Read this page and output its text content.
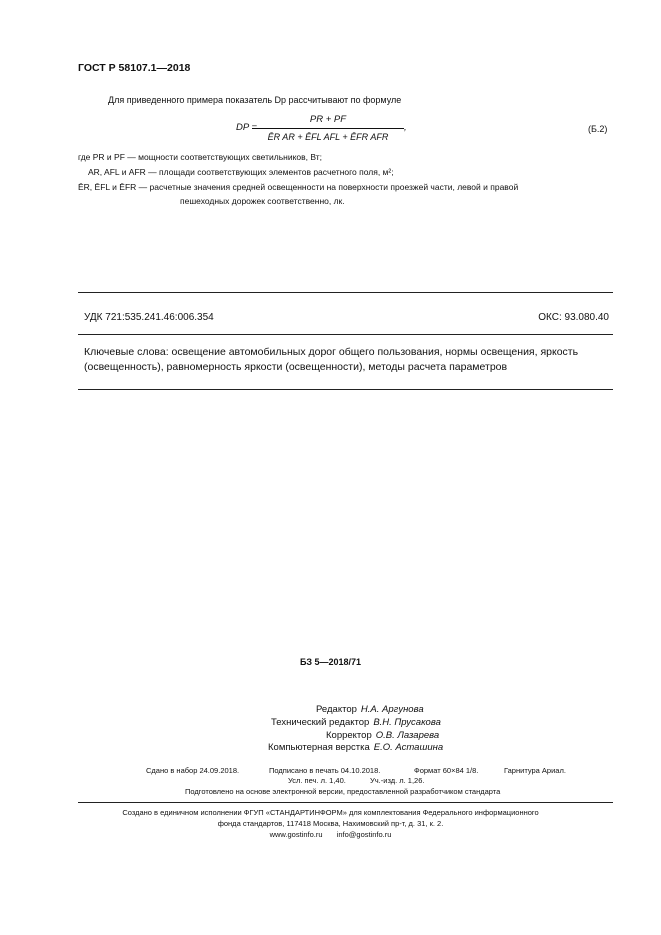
ГОСТ Р 58107.1—2018
Для приведенного примера показатель Dp рассчитывают по формуле
DP =
PR + PF
ĒR AR + ĒFL AFL + ĒFR AFR
,	(Б.2)
где PR и PF — мощности соответствующих светильников, Вт;
AR, AFL и AFR — площади соответствующих элементов расчетного поля, м²;
ĒR, ĒFL и ĒFR — расчетные значения средней освещенности на поверхности проезжей части, левой и правой
пешеходных дорожек соответственно, лк.
УДК 721:535.241.46:006.354	ОКС: 93.080.40
Ключевые слова: освещение автомобильных дорог общего пользования, нормы освещения, яркость (освещенность), равномерность яркости (освещенности), методы расчета параметров
БЗ 5—2018/71
Редактор Н.А. Аргунова
Технический редактор В.Н. Прусакова
Корректор О.В. Лазарева
Компьютерная верстка Е.О. Асташина
Сдано в набор 24.09.2018.	Подписано в печать 04.10.2018.	Формат 60×84 1/8.	Гарнитура Ариал.
Усл. печ. л. 1,40.	Уч.-изд. л. 1,26.
Подготовлено на основе электронной версии, предоставленной разработчиком стандарта
Создано в единичном исполнении ФГУП «СТАНДАРТИНФОРМ» для комплектования Федерального информационного
фонда стандартов, 117418 Москва, Нахимовский пр-т, д. 31, к. 2.
www.gostinfo.ru info@gostinfo.ru
